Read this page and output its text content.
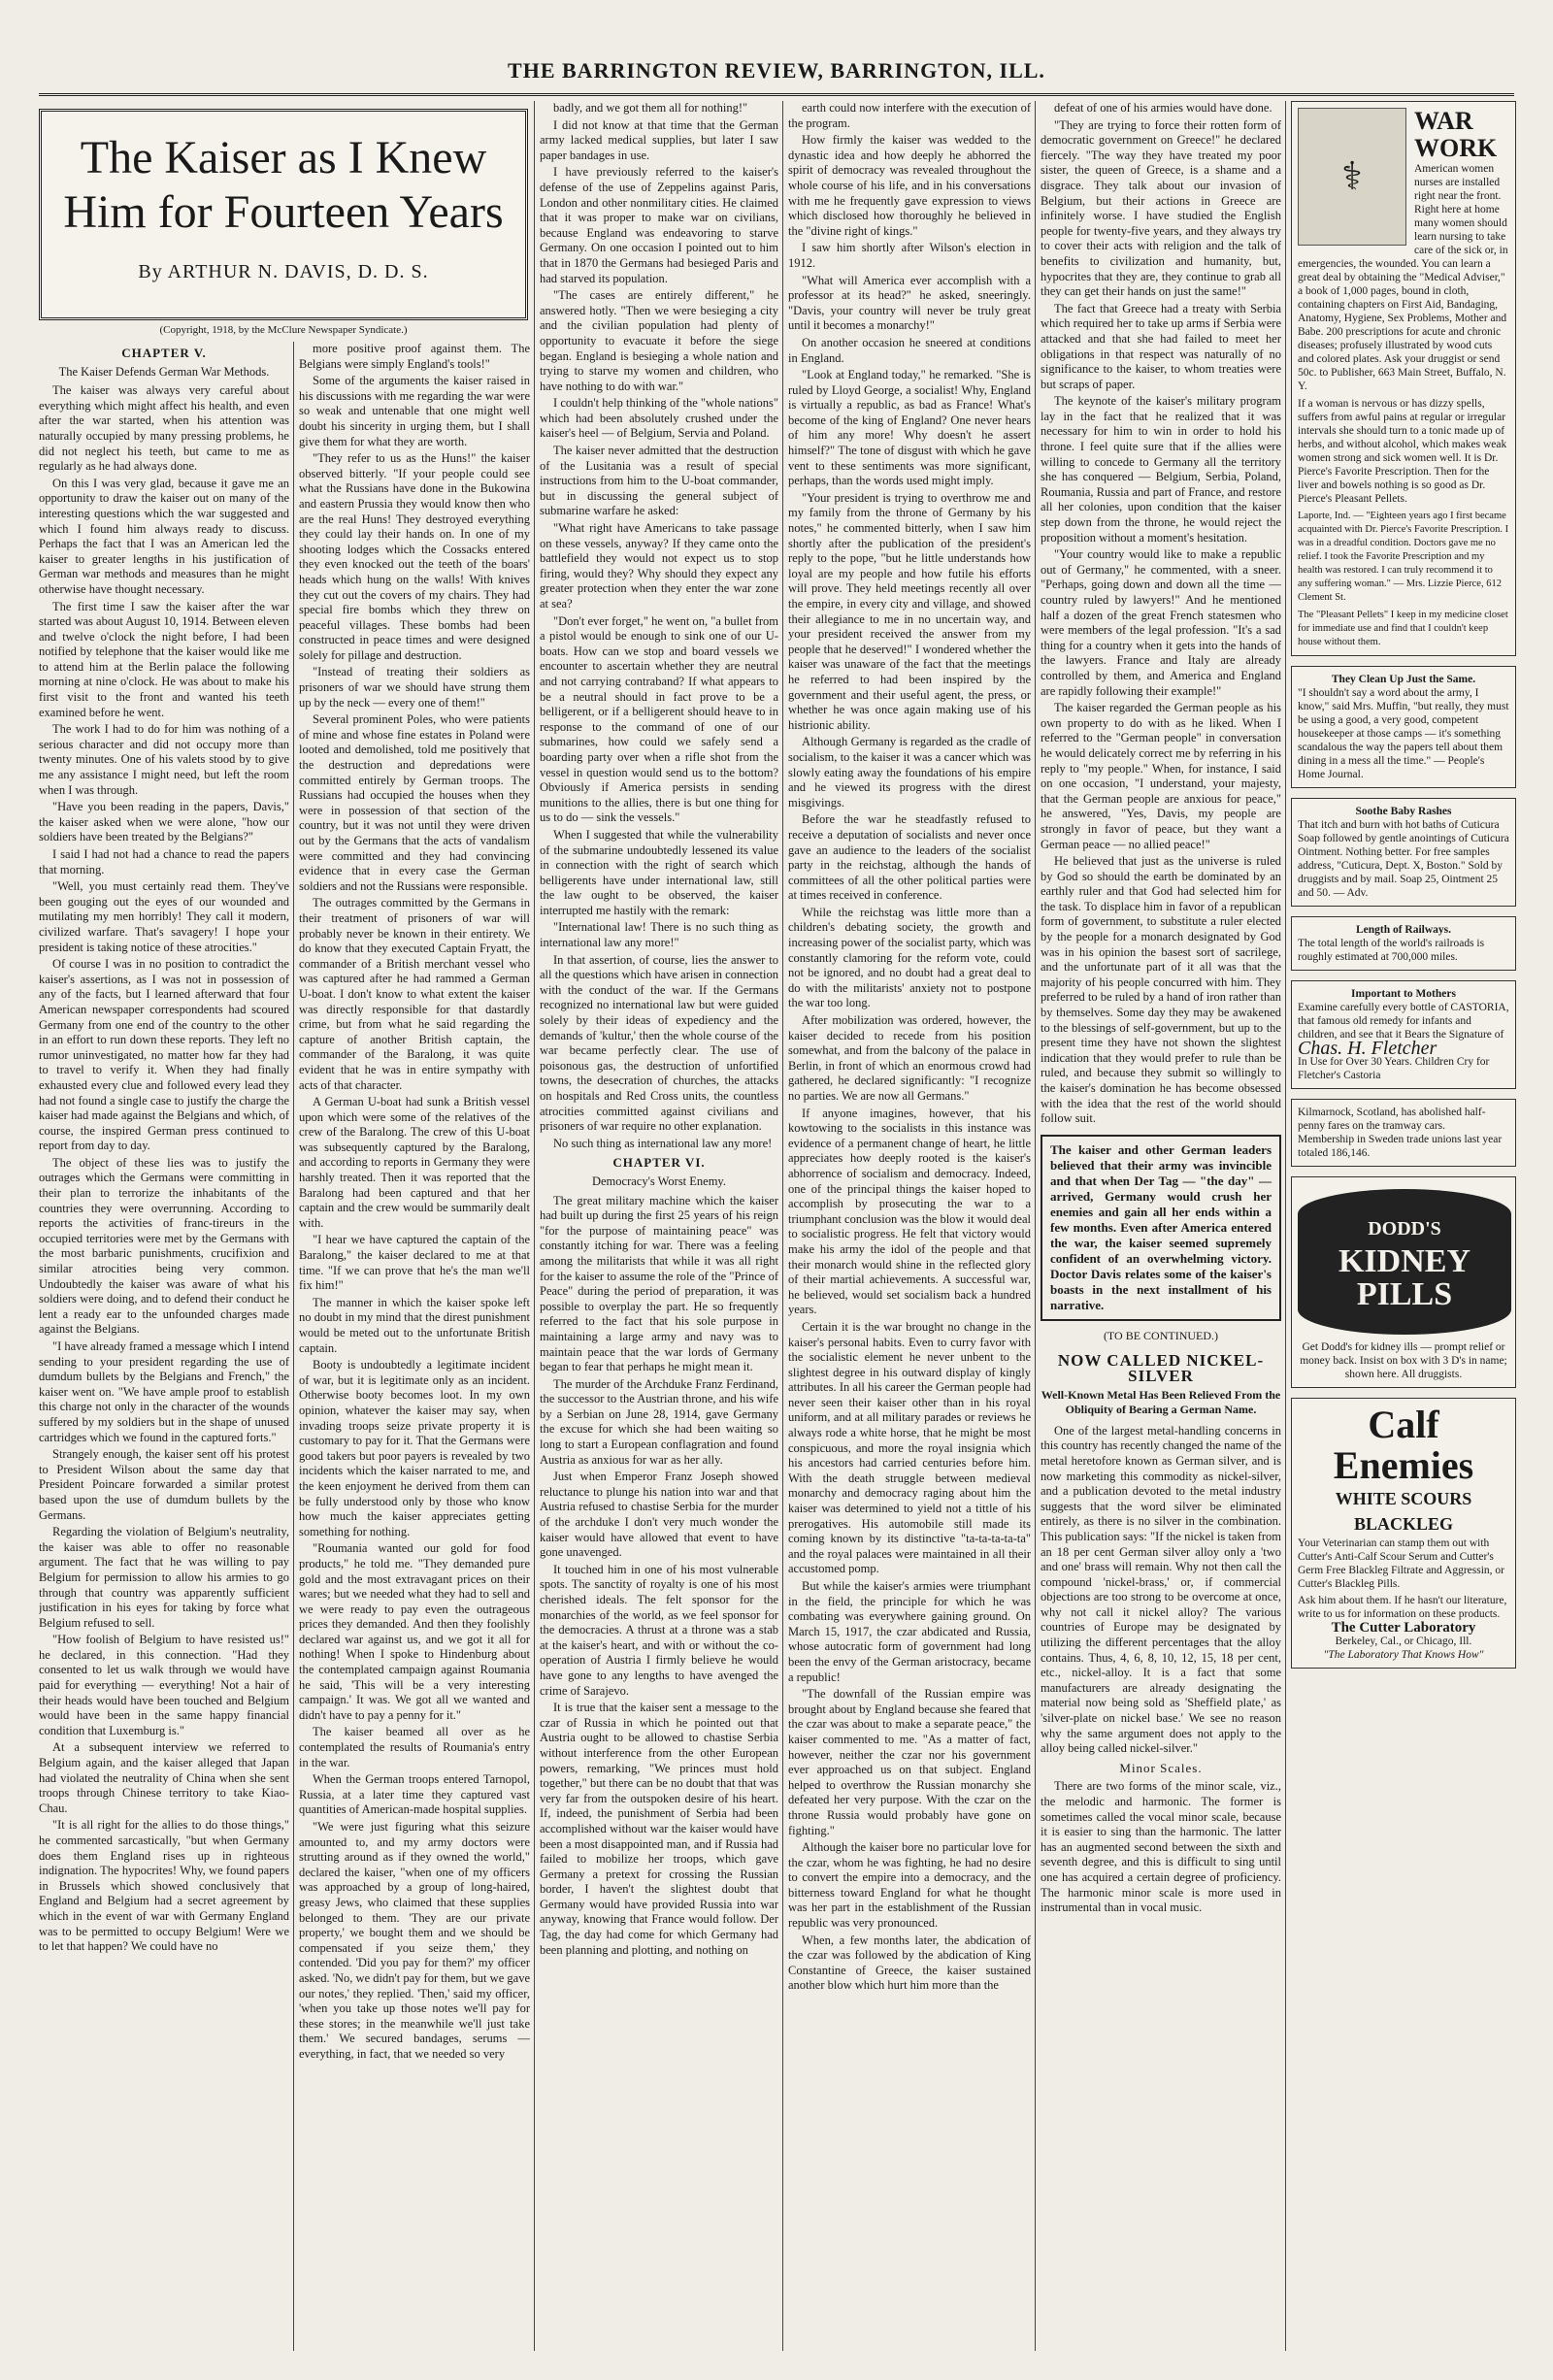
THE BARRINGTON REVIEW, BARRINGTON, ILL.
The Kaiser as I Knew Him for Fourteen Years
By ARTHUR N. DAVIS, D. D. S.
(Copyright, 1918, by the McClure Newspaper Syndicate.)
CHAPTER V.
The Kaiser Defends German War Methods.

The kaiser was always very careful about everything which might affect his health, and even after the war started, when his attention was naturally occupied by many pressing problems, he did not neglect his teeth, but came to me as regularly as he had always done.

On this I was very glad, because it gave me an opportunity to draw the kaiser out on many of the interesting questions which the war suggested and which I found him always ready to discuss. Perhaps the fact that I was an American led the kaiser to greater lengths in his justification of German war methods and measures than he might otherwise have thought necessary.

The first time I saw the kaiser after the war started was about August 10, 1914. Between eleven and twelve o'clock the night before, I had been notified by telephone that the kaiser would like me to attend him at the Berlin palace the following morning at nine o'clock. He was about to make his first visit to the front and wanted his teeth examined before he went.

The work I had to do for him was nothing of a serious character and did not occupy more than twenty minutes. One of his valets stood by to give me any assistance I might need, but left the room when I was through.

"Have you been reading in the papers, Davis," the kaiser asked when we were alone, "how our soldiers have been treated by the Belgians?"

I said I had not had a chance to read the papers that morning.

"Well, you must certainly read them. They've been gouging out the eyes of our wounded and mutilating my men horribly! They call it modern, civilized warfare. That's savagery! I hope your president is taking notice of these atrocities."

Of course I was in no position to contradict the kaiser's assertions, as I was not in possession of any of the facts, but I learned afterward that four American newspaper correspondents had scoured Germany from one end of the country to the other in an effort to run down these reports. They left no rumor uninvestigated, no matter how far they had to travel to verify it. When they had finally exhausted every clue and followed every lead they had not found a single case to justify the charge the kaiser had made against the Belgians and which, of course, the inspired German press continued to report from day to day.

The object of these lies was to justify the outrages which the Germans were committing in their plan to terrorize the inhabitants of the countries they were overrunning. According to reports the activities of franc-tireurs in the occupied territories were met by the Germans with the most barbaric punishments, crucifixion and similar atrocities being very common. Undoubtedly the kaiser was aware of what his soldiers were doing, and to defend their conduct he lent a ready ear to the unfounded charges made against the Belgians.

"I have already framed a message which I intend sending to your president regarding the use of dumdum bullets by the Belgians and French," the kaiser went on. "We have ample proof to establish this charge not only in the character of the wounds suffered by my soldiers but in the shape of unused cartridges which we found in the captured forts."

Strangely enough, the kaiser sent off his protest to President Wilson about the same day that President Poincare forwarded a similar protest based upon the use of dumdum bullets by the Germans.

Regarding the violation of Belgium's neutrality, the kaiser was able to offer no reasonable argument. The fact that he was willing to pay Belgium for permission to allow his armies to go through that country was apparently sufficient justification in his eyes for taking by force what Belgium refused to sell.

"How foolish of Belgium to have resisted us!" he declared, in this connection. "Had they consented to let us walk through we would have paid for everything — everything! Not a hair of their heads would have been touched and Belgium would have been in the same happy financial condition that Luxemburg is."

At a subsequent interview we referred to Belgium again, and the kaiser alleged that Japan had violated the neutrality of China when she sent troops through Chinese territory to take Kiao-Chau.

"It is all right for the allies to do those things," he commented sarcastically, "but when Germany does them England rises up in righteous indignation. The hypocrites! Why, we found papers in Brussels which showed conclusively that England and Belgium had a secret agreement by which in the event of war with Germany England was to be permitted to occupy Belgium! Were we to let that happen? We could have no

more positive proof against them. The Belgians were simply England's tools!"

Some of the arguments the kaiser raised in his discussions with me regarding the war were so weak and untenable that one might well doubt his sincerity in urging them, but I shall give them for what they are worth.

"They refer to us as the Huns!" the kaiser observed bitterly. "If your people could see what the Russians have done in the Bukowina and eastern Prussia they would know then who are the real Huns! They destroyed everything they could lay their hands on. In one of my shooting lodges which the Cossacks entered they even knocked out the teeth of the boars' heads which hung on the walls! With knives they cut out the covers of my chairs. They had special fire bombs which they threw on peaceful villages. These bombs had been constructed in peace times and were designed solely for pillage and destruction.

"Instead of treating their soldiers as prisoners of war we should have strung them up by the neck — every one of them!"

Several prominent Poles, who were patients of mine and whose fine estates in Poland were looted and demolished, told me positively that the destruction and depredations were committed entirely by German troops. The Russians had occupied the houses when they were in possession of that section of the country, but it was not until they were driven out by the Germans that the acts of vandalism were committed and they had convincing evidence that in every case the German soldiers and not the Russians were responsible.

The outrages committed by the Germans in their treatment of prisoners of war will probably never be known in their entirety. We do know that they executed Captain Fryatt, the commander of a British merchant vessel who was captured after he had rammed a German U-boat. I don't know to what extent the kaiser was directly responsible for that dastardly crime, but from what he said regarding the capture of another British captain, the commander of the Baralong, it was quite evident that he was in entire sympathy with acts of that character.

A German U-boat had sunk a British vessel upon which were some of the relatives of the crew of the Baralong. The crew of this U-boat was subsequently captured by the Baralong, and according to reports in Germany they were harshly treated. Then it was reported that the Baralong had been captured and that her captain and the crew would be summarily dealt with.

"I hear we have captured the captain of the Baralong," the kaiser declared to me at that time. "If we can prove that he's the man we'll fix him!"

The manner in which the kaiser spoke left no doubt in my mind that the direst punishment would be meted out to the unfortunate British captain.

Booty is undoubtedly a legitimate incident of war, but it is legitimate only as an incident. Otherwise booty becomes loot. In my own opinion, whatever the kaiser may say, when invading troops seize private property it is customary to pay for it. That the Germans were good takers but poor payers is revealed by two incidents which the kaiser narrated to me, and the keen enjoyment he derived from them can be fully understood only by those who know how much the kaiser appreciates getting something for nothing.

"Roumania wanted our gold for food products," he told me. "They demanded pure gold and the most extravagant prices on their wares; but we needed what they had to sell and we were ready to pay even the outrageous prices they demanded. And then they foolishly declared war against us, and we got it all for nothing! When I spoke to Hindenburg about the contemplated campaign against Roumania he said, 'This will be a very interesting campaign.' It was. We got all we wanted and didn't have to pay a penny for it."

The kaiser beamed all over as he contemplated the results of Roumania's entry in the war.

When the German troops entered Tarnopol, Russia, at a later time they captured vast quantities of American-made hospital supplies.

"We were just figuring what this seizure amounted to, and my army doctors were strutting around as if they owned the world," declared the kaiser, "when one of my officers was approached by a group of long-haired, greasy Jews, who claimed that these supplies belonged to them. 'They are our private property,' we bought them and we should be compensated if you seize them,' they contended. 'Did you pay for them?' my officer asked. 'No, we didn't pay for them, but we gave our notes,' they replied. 'Then,' said my officer, 'when you take up those notes we'll pay for these stores; in the meanwhile we'll just take them.' We secured bandages, serums — everything, in fact, that we needed so very

badly, and we got them all for nothing!"

I did not know at that time that the German army lacked medical supplies, but later I saw paper bandages in use.

I have previously referred to the kaiser's defense of the use of Zeppelins against Paris, London and other nonmilitary cities. He claimed that it was proper to make war on civilians, because England was endeavoring to starve Germany. On one occasion I pointed out to him that in 1870 the Germans had besieged Paris and had starved its population.

"The cases are entirely different," he answered hotly. "Then we were besieging a city and the civilian population had plenty of opportunity to evacuate it before the siege began. England is besieging a whole nation and trying to starve my women and children, who have nothing to do with war."

I couldn't help thinking of the "whole nations" which had been absolutely crushed under the kaiser's heel — of Belgium, Servia and Poland.

The kaiser never admitted that the destruction of the Lusitania was a result of special instructions from him to the U-boat commander, but in discussing the general subject of submarine warfare he asked:

"What right have Americans to take passage on these vessels, anyway? If they came onto the battlefield they would not expect us to stop firing, would they? Why should they expect any greater protection when they enter the war zone at sea?

"Don't ever forget," he went on, "a bullet from a pistol would be enough to sink one of our U-boats. How can we stop and board vessels we encounter to ascertain whether they are neutral and not carrying contraband? If what appears to be a neutral should in fact prove to be a belligerent, or if a belligerent should heave to in response to the command of one of our submarines, how could we safely send a boarding party over when a rifle shot from the vessel in question would send us to the bottom? Obviously if America persists in sending munitions to the allies, there is but one thing for us to do — sink the vessels."

When I suggested that while the vulnerability of the submarine undoubtedly lessened its value in connection with the right of search which belligerents have under international law, still the law ought to be observed, the kaiser interrupted me hastily with the remark:

"International law! There is no such thing as international law any more!"

In that assertion, of course, lies the answer to all the questions which have arisen in connection with the conduct of the war. If the Germans recognized no international law but were guided solely by their ideas of expediency and the demands of 'kultur,' then the whole course of the war became perfectly clear. The use of poisonous gas, the destruction of unfortified towns, the desecration of churches, the attacks on hospitals and Red Cross units, the countless atrocities committed against civilians and prisoners of war require no other explanation.

No such thing as international law any more!

CHAPTER VI.
Democracy's Worst Enemy.

The great military machine which the kaiser had built up during the first 25 years of his reign "for the purpose of maintaining peace" was constantly itching for war. There was a feeling among the militarists that while it was all right for the kaiser to assume the role of the "Prince of Peace" during the period of preparation, it was possible to overplay the part. He so frequently referred to the fact that his sole purpose in maintaining a large army and navy was to maintain peace that the war lords of Germany began to fear that perhaps he might mean it.

The murder of the Archduke Franz Ferdinand, the successor to the Austrian throne, and his wife by a Serbian on June 28, 1914, gave Germany the excuse for which she had been waiting so long to start a European conflagration and found Austria as anxious for war as her ally.

Just when Emperor Franz Joseph showed reluctance to plunge his nation into war and that Austria refused to chastise Serbia for the murder of the archduke I don't very much wonder the kaiser would have allowed that event to have gone unavenged.

It touched him in one of his most vulnerable spots. The sanctity of royalty is one of his most cherished ideals. The felt sponsor for the monarchies of the world, as we feel sponsor for the democracies. A thrust at a throne was a stab at the kaiser's heart, and with or without the co-operation of Austria I firmly believe he would have gone to any lengths to have avenged the crime of Sarajevo.

It is true that the kaiser sent a message to the czar of Russia in which he pointed out that Austria ought to be allowed to chastise Serbia without interference from the other European powers, remarking, "We princes must hold together," but there can be no doubt that that was very far from the outspoken desire of his heart. If, indeed, the punishment of Serbia had been accomplished without war the kaiser would have been a most disappointed man, and if Russia had failed to mobilize her troops, which gave Germany a pretext for crossing the Russian border, I haven't the slightest doubt that Germany would have provided Russia into war anyway, knowing that France would follow. Der Tag, the day had come for which Germany had been planning and plotting, and nothing on

earth could now interfere with the execution of the program.

How firmly the kaiser was wedded to the dynastic idea and how deeply he abhorred the spirit of democracy was revealed throughout the whole course of his life, and in his conversations with me he frequently gave expression to views which disclosed how thoroughly he believed in the "divine right of kings."

I saw him shortly after Wilson's election in 1912.

"What will America ever accomplish with a professor at its head?" he asked, sneeringly. "Davis, your country will never be truly great until it becomes a monarchy!"

On another occasion he sneered at conditions in England.

"Look at England today," he remarked. "She is ruled by Lloyd George, a socialist! Why, England is virtually a republic, as bad as France! What's become of the king of England? One never hears of him any more! Why doesn't he assert himself?" The tone of disgust with which he gave vent to these sentiments was more significant, perhaps, than the words used might imply.

"Your president is trying to overthrow me and my family from the throne of Germany by his notes," he commented bitterly, when I saw him shortly after the publication of the president's reply to the pope, "but he little understands how loyal are my people and how futile his efforts will prove. They held meetings recently all over the empire, in every city and village, and showed their allegiance to me in no uncertain way, and your president received the answer from my people that he deserved!" I wondered whether the kaiser was unaware of the fact that the meetings he referred to had been inspired by the government and their useful agent, the press, or whether he was once again making use of his histrionic ability.

Although Germany is regarded as the cradle of socialism, to the kaiser it was a cancer which was slowly eating away the foundations of his empire and he viewed its progress with the direst misgivings.

Before the war he steadfastly refused to receive a deputation of socialists and never once gave an audience to the leaders of the socialist party in the reichstag, although the hands of committees of all the other political parties were at times received in conference.

While the reichstag was little more than a children's debating society, the growth and increasing power of the socialist party, which was constantly clamoring for the reform vote, could not be ignored, and no doubt had a great deal to do with the militarists' anxiety not to postpone the war too long.

After mobilization was ordered, however, the kaiser decided to recede from his position somewhat, and from the balcony of the palace in Berlin, in front of which an enormous crowd had gathered, he declared significantly: "I recognize no parties. We are now all Germans."

If anyone imagines, however, that his kowtowing to the socialists in this instance was evidence of a permanent change of heart, he little appreciates how deeply rooted is the kaiser's abhorrence of socialism and democracy. Indeed, one of the principal things the kaiser hoped to accomplish by prosecuting the war to a triumphant conclusion was the blow it would deal to socialistic progress. He felt that victory would make his army the idol of the people and that their monarch would shine in the reflected glory of their martial achievements. A successful war, he believed, would set socialism back a hundred years.

Certain it is the war brought no change in the kaiser's personal habits. Even to curry favor with the socialistic element he never unbent to the slightest degree in his outward display of kingly attributes. In all his career the German people had never seen their kaiser other than in his royal uniform, and at all military parades or reviews he always rode a white horse, that he might be most conspicuous, and more the royal insignia which his ancestors had carried centuries before him. With the death struggle between medieval monarchy and democracy raging about him the kaiser was determined to yield not a tittle of his prerogatives. His automobile still made its coming known by its distinctive "ta-ta-ta-ta-ta" and the royal palaces were maintained in all their accustomed pomp.

But while the kaiser's armies were triumphant in the field, the principle for which he was combating was everywhere gaining ground. On March 15, 1917, the czar abdicated and Russia, whose autocratic form of government had long been the envy of the German aristocracy, became a republic!

"The downfall of the Russian empire was brought about by England because she feared that the czar was about to make a separate peace," the kaiser commented to me. "As a matter of fact, however, neither the czar nor his government ever approached us on that subject. England helped to overthrow the Russian monarchy she defeated her very purpose. With the czar on the throne Russia would probably have gone on fighting."

Although the kaiser bore no particular love for the czar, whom he was fighting, he had no desire to convert the empire into a democracy, and the bitterness toward England for what he thought was her part in the establishment of the Russian republic was very pronounced.

When, a few months later, the abdication of the czar was followed by the abdication of King Constantine of Greece, the kaiser sustained another blow which hurt him more than the

defeat of one of his armies would have done.

"They are trying to force their rotten form of democratic government on Greece!" he declared fiercely. "The way they have treated my poor sister, the queen of Greece, is a shame and a disgrace. They talk about our invasion of Belgium, but their actions in Greece are infinitely worse. I have studied the English people for twenty-five years, and they always try to cover their acts with religion and the talk of benefits to civilization and humanity, but, hypocrites that they are, they continue to grab all they can get their hands on just the same!"

The fact that Greece had a treaty with Serbia which required her to take up arms if Serbia were attacked and that she had failed to meet her obligations in that respect was naturally of no significance to the kaiser, to whom treaties were but scraps of paper.

The keynote of the kaiser's military program lay in the fact that he realized that it was necessary for him to win in order to hold his throne. I feel quite sure that if the allies were willing to concede to Germany all the territory she has conquered — Belgium, Serbia, Poland, Roumania, Russia and part of France, and restore all her colonies, upon condition that the kaiser step down from the throne, he would reject the proposition without a moment's hesitation.

"Your country would like to make a republic out of Germany," he commented, with a sneer. "Perhaps, going down and down all the time — country ruled by lawyers!" And he mentioned half a dozen of the great French statesmen who were members of the legal profession. "It's a sad thing for a country when it gets into the hands of the lawyers. France and Italy are already controlled by them, and America and England are rapidly following their example!"

The kaiser regarded the German people as his own property to do with as he liked. When I referred to the "German people" in conversation he would delicately correct me by referring in his reply to "my people." When, for instance, I said on one occasion, "I understand, your majesty, that the German people are anxious for peace," he answered, "Yes, Davis, my people are strongly in favor of peace, but they want a German peace — no allied peace!"

He believed that just as the universe is ruled by God so should the earth be dominated by an earthly ruler and that God had selected him for the task. To displace him in favor of a republican form of government, to substitute a ruler elected by the people for a monarch designated by God was in his opinion the basest sort of sacrilege, and the unfortunate part of it all was that the majority of his people concurred with him. They preferred to be ruled by a hand of iron rather than by themselves. Some day they may be awakened to the blessings of self-government, but up to the present time they have not shown the slightest indication that they would prefer to rule than be ruled, and because they submit so willingly to the kaiser's domination he has become obsessed with the idea that the rest of the world should follow suit.

The kaiser and other German leaders believed that their army was invincible and that when Der Tag — "the day" — arrived, Germany would crush her enemies and gain all her ends within a few months. Even after America entered the war, the kaiser seemed supremely confident of an overwhelming victory. Doctor Davis relates some of the kaiser's boasts in the next installment of his narrative.
(TO BE CONTINUED.)
NOW CALLED NICKEL-SILVER
Well-Known Metal Has Been Relieved From the Obliquity of Bearing a German Name.

One of the largest metal-handling concerns in this country has recently changed the name of the metal heretofore known as German silver, and is now marketing this commodity as nickel-silver, and a publication devoted to the metal industry suggests that the word silver be eliminated entirely, as there is no silver in the combination. This publication says: "If the nickel is taken from an 18 per cent German silver alloy only a 'two and one' brass will remain. Why not then call the compound 'nickel-brass,' or, if commercial objections are too strong to be overcome at once, why not call it nickel alloy? The various countries of Europe may be designated by utilizing the different percentages that the alloy contains. Thus, 4, 6, 8, 10, 12, 15, 18 per cent, etc., nickel-alloy. It is a fact that some manufacturers are already designating the material now being sold as 'Sheffield plate,' as 'silver-plate on nickel base.' We see no reason why the same argument does not apply to the alloy being called nickel-silver."

Minor Scales.

There are two forms of the minor scale, viz., the melodic and harmonic. The former is sometimes called the vocal minor scale, because it is easier to sing than the harmonic. The latter has an augmented second between the sixth and seventh degree, and this is difficult to sing until one has acquired a certain degree of proficiency. The harmonic minor scale is more used in instrumental than in vocal music.

⚕
WAR WORK
American women nurses are installed right near the front. Right here at home many women should learn nursing to take care of the sick or, in emergencies, the wounded. You can learn a great deal by obtaining the "Medical Adviser," a book of 1,000 pages, bound in cloth, containing chapters on First Aid, Bandaging, Anatomy, Hygiene, Sex Problems, Mother and Babe. 200 prescriptions for acute and chronic diseases; profusely illustrated by wood cuts and colored plates. Ask your druggist or send 50c. to Publisher, 663 Main Street, Buffalo, N. Y.
If a woman is nervous or has dizzy spells, suffers from awful pains at regular or irregular intervals she should turn to a tonic made up of herbs, and without alcohol, which makes weak women strong and sick women well. It is Dr. Pierce's Favorite Prescription. Then for the liver and bowels nothing is so good as Dr. Pierce's Pleasant Pellets.
Laporte, Ind. — "Eighteen years ago I first became acquainted with Dr. Pierce's Favorite Prescription. I was in a dreadful condition. Doctors gave me no relief. I took the Favorite Prescription and my health was restored. I can truly recommend it to any suffering woman." — Mrs. Lizzie Pierce, 612 Clement St.
The "Pleasant Pellets" I keep in my medicine closet for immediate use and find that I couldn't keep house without them.
They Clean Up Just the Same.
"I shouldn't say a word about the army, I know," said Mrs. Muffin, "but really, they must be using a good, a very good, competent housekeeper at those camps — it's something scandalous the way the papers tell about them dining in a mess all the time." — People's Home Journal.
Soothe Baby Rashes
That itch and burn with hot baths of Cuticura Soap followed by gentle anointings of Cuticura Ointment. Nothing better. For free samples address, "Cuticura, Dept. X, Boston." Sold by druggists and by mail. Soap 25, Ointment 25 and 50. — Adv.
Length of Railways.
The total length of the world's railroads is roughly estimated at 700,000 miles.
Important to Mothers
Examine carefully every bottle of CASTORIA, that famous old remedy for infants and children, and see that it Bears the Signature of
Chas. H. Fletcher
In Use for Over 30 Years. Children Cry for Fletcher's Castoria
Kilmarnock, Scotland, has abolished half-penny fares on the tramway cars.
Membership in Sweden trade unions last year totaled 186,146.
DODD'S
KIDNEY
PILLS
Get Dodd's for kidney ills — prompt relief or money back. Insist on box with 3 D's in name; shown here. All druggists.
Calf
Enemies
WHITE SCOURS
BLACKLEG
Your Veterinarian can stamp them out with Cutter's Anti-Calf Scour Serum and Cutter's Germ Free Blackleg Filtrate and Aggressin, or Cutter's Blackleg Pills.
Ask him about them. If he hasn't our literature, write to us for information on these products.
The Cutter Laboratory
Berkeley, Cal., or Chicago, Ill.
"The Laboratory That Knows How"
